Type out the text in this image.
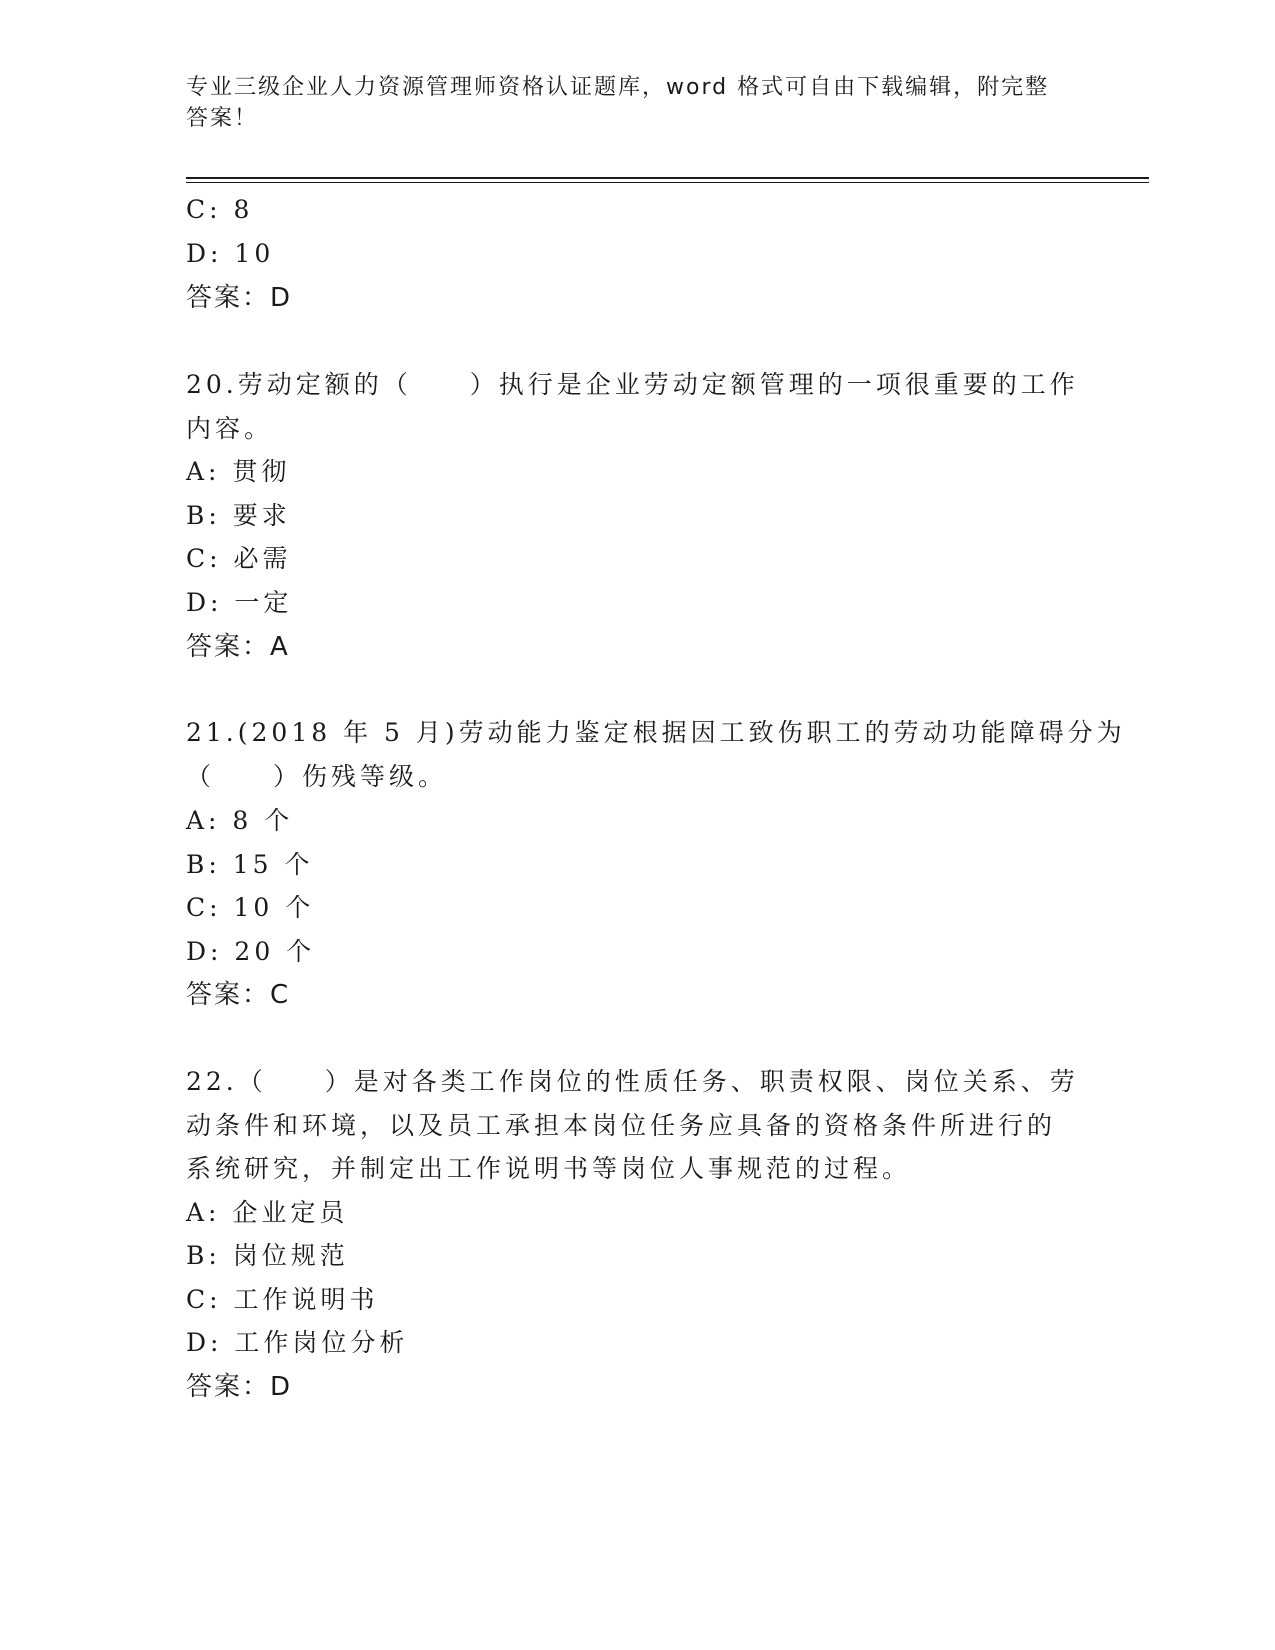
专业三级企业人力资源管理师资格认证题库，word 格式可自由下载编辑，附完整
答案！
C: 8
D: 10
答案：D
20.劳动定额的（　　）执行是企业劳动定额管理的一项很重要的工作
内容。
A: 贯彻
B: 要求
C: 必需
D: 一定
答案：A
21.(2018 年 5 月)劳动能力鉴定根据因工致伤职工的劳动功能障碍分为
（　　）伤残等级。
A: 8 个
B: 15 个
C: 10 个
D: 20 个
答案：C
22.（　　）是对各类工作岗位的性质任务、职责权限、岗位关系、劳
动条件和环境，以及员工承担本岗位任务应具备的资格条件所进行的
系统研究，并制定出工作说明书等岗位人事规范的过程。
A: 企业定员
B: 岗位规范
C: 工作说明书
D: 工作岗位分析
答案：D
